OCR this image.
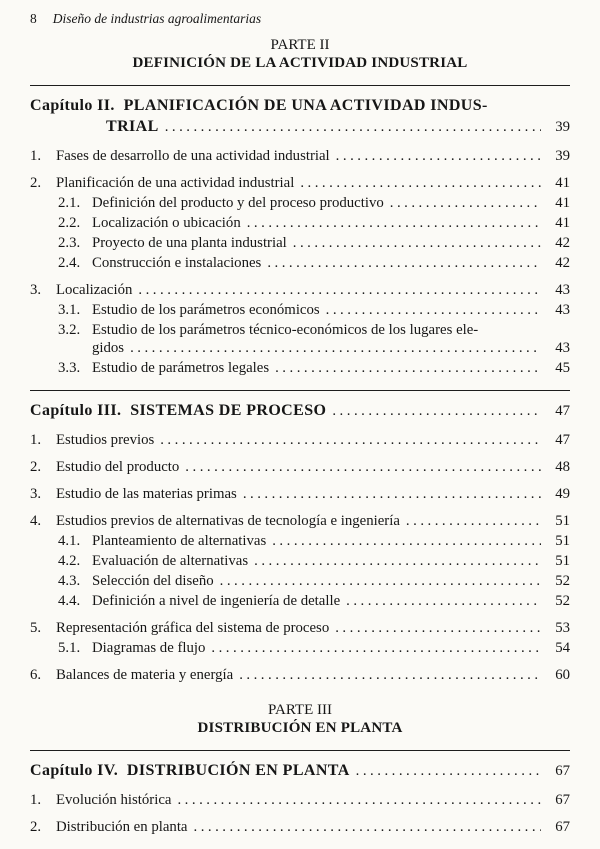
8 Diseño de industrias agroalimentarias
PARTE II
DEFINICIÓN DE LA ACTIVIDAD INDUSTRIAL
Capítulo II.  PLANIFICACIÓN DE UNA ACTIVIDAD INDUS-
TRIAL .....	39
1.	Fases de desarrollo de una actividad industrial .....	39
2.	Planificación de una actividad industrial .....	41
2.1. Definición del producto y del proceso productivo .....	41
2.2. Localización o ubicación .....	41
2.3. Proyecto de una planta industrial .....	42
2.4. Construcción e instalaciones .....	42
3.	Localización .....	43
3.1. Estudio de los parámetros económicos .....	43
3.2. Estudio de los parámetros técnico-económicos de los lugares ele-
gidos .....	43
3.3. Estudio de parámetros legales .....	45
Capítulo III.  SISTEMAS DE PROCESO .....	47
1.	Estudios previos .....	47
2.	Estudio del producto .....	48
3.	Estudio de las materias primas .....	49
4.	Estudios previos de alternativas de tecnología e ingeniería .....	51
4.1. Planteamiento de alternativas .....	51
4.2. Evaluación de alternativas .....	51
4.3. Selección del diseño .....	52
4.4. Definición a nivel de ingeniería de detalle .....	52
5.	Representación gráfica del sistema de proceso .....	53
5.1. Diagramas de flujo .....	54
6.	Balances de materia y energía .....	60
PARTE III
DISTRIBUCIÓN EN PLANTA
Capítulo IV.  DISTRIBUCIÓN EN PLANTA .....	67
1.	Evolución histórica .....	67
2.	Distribución en planta .....	67
